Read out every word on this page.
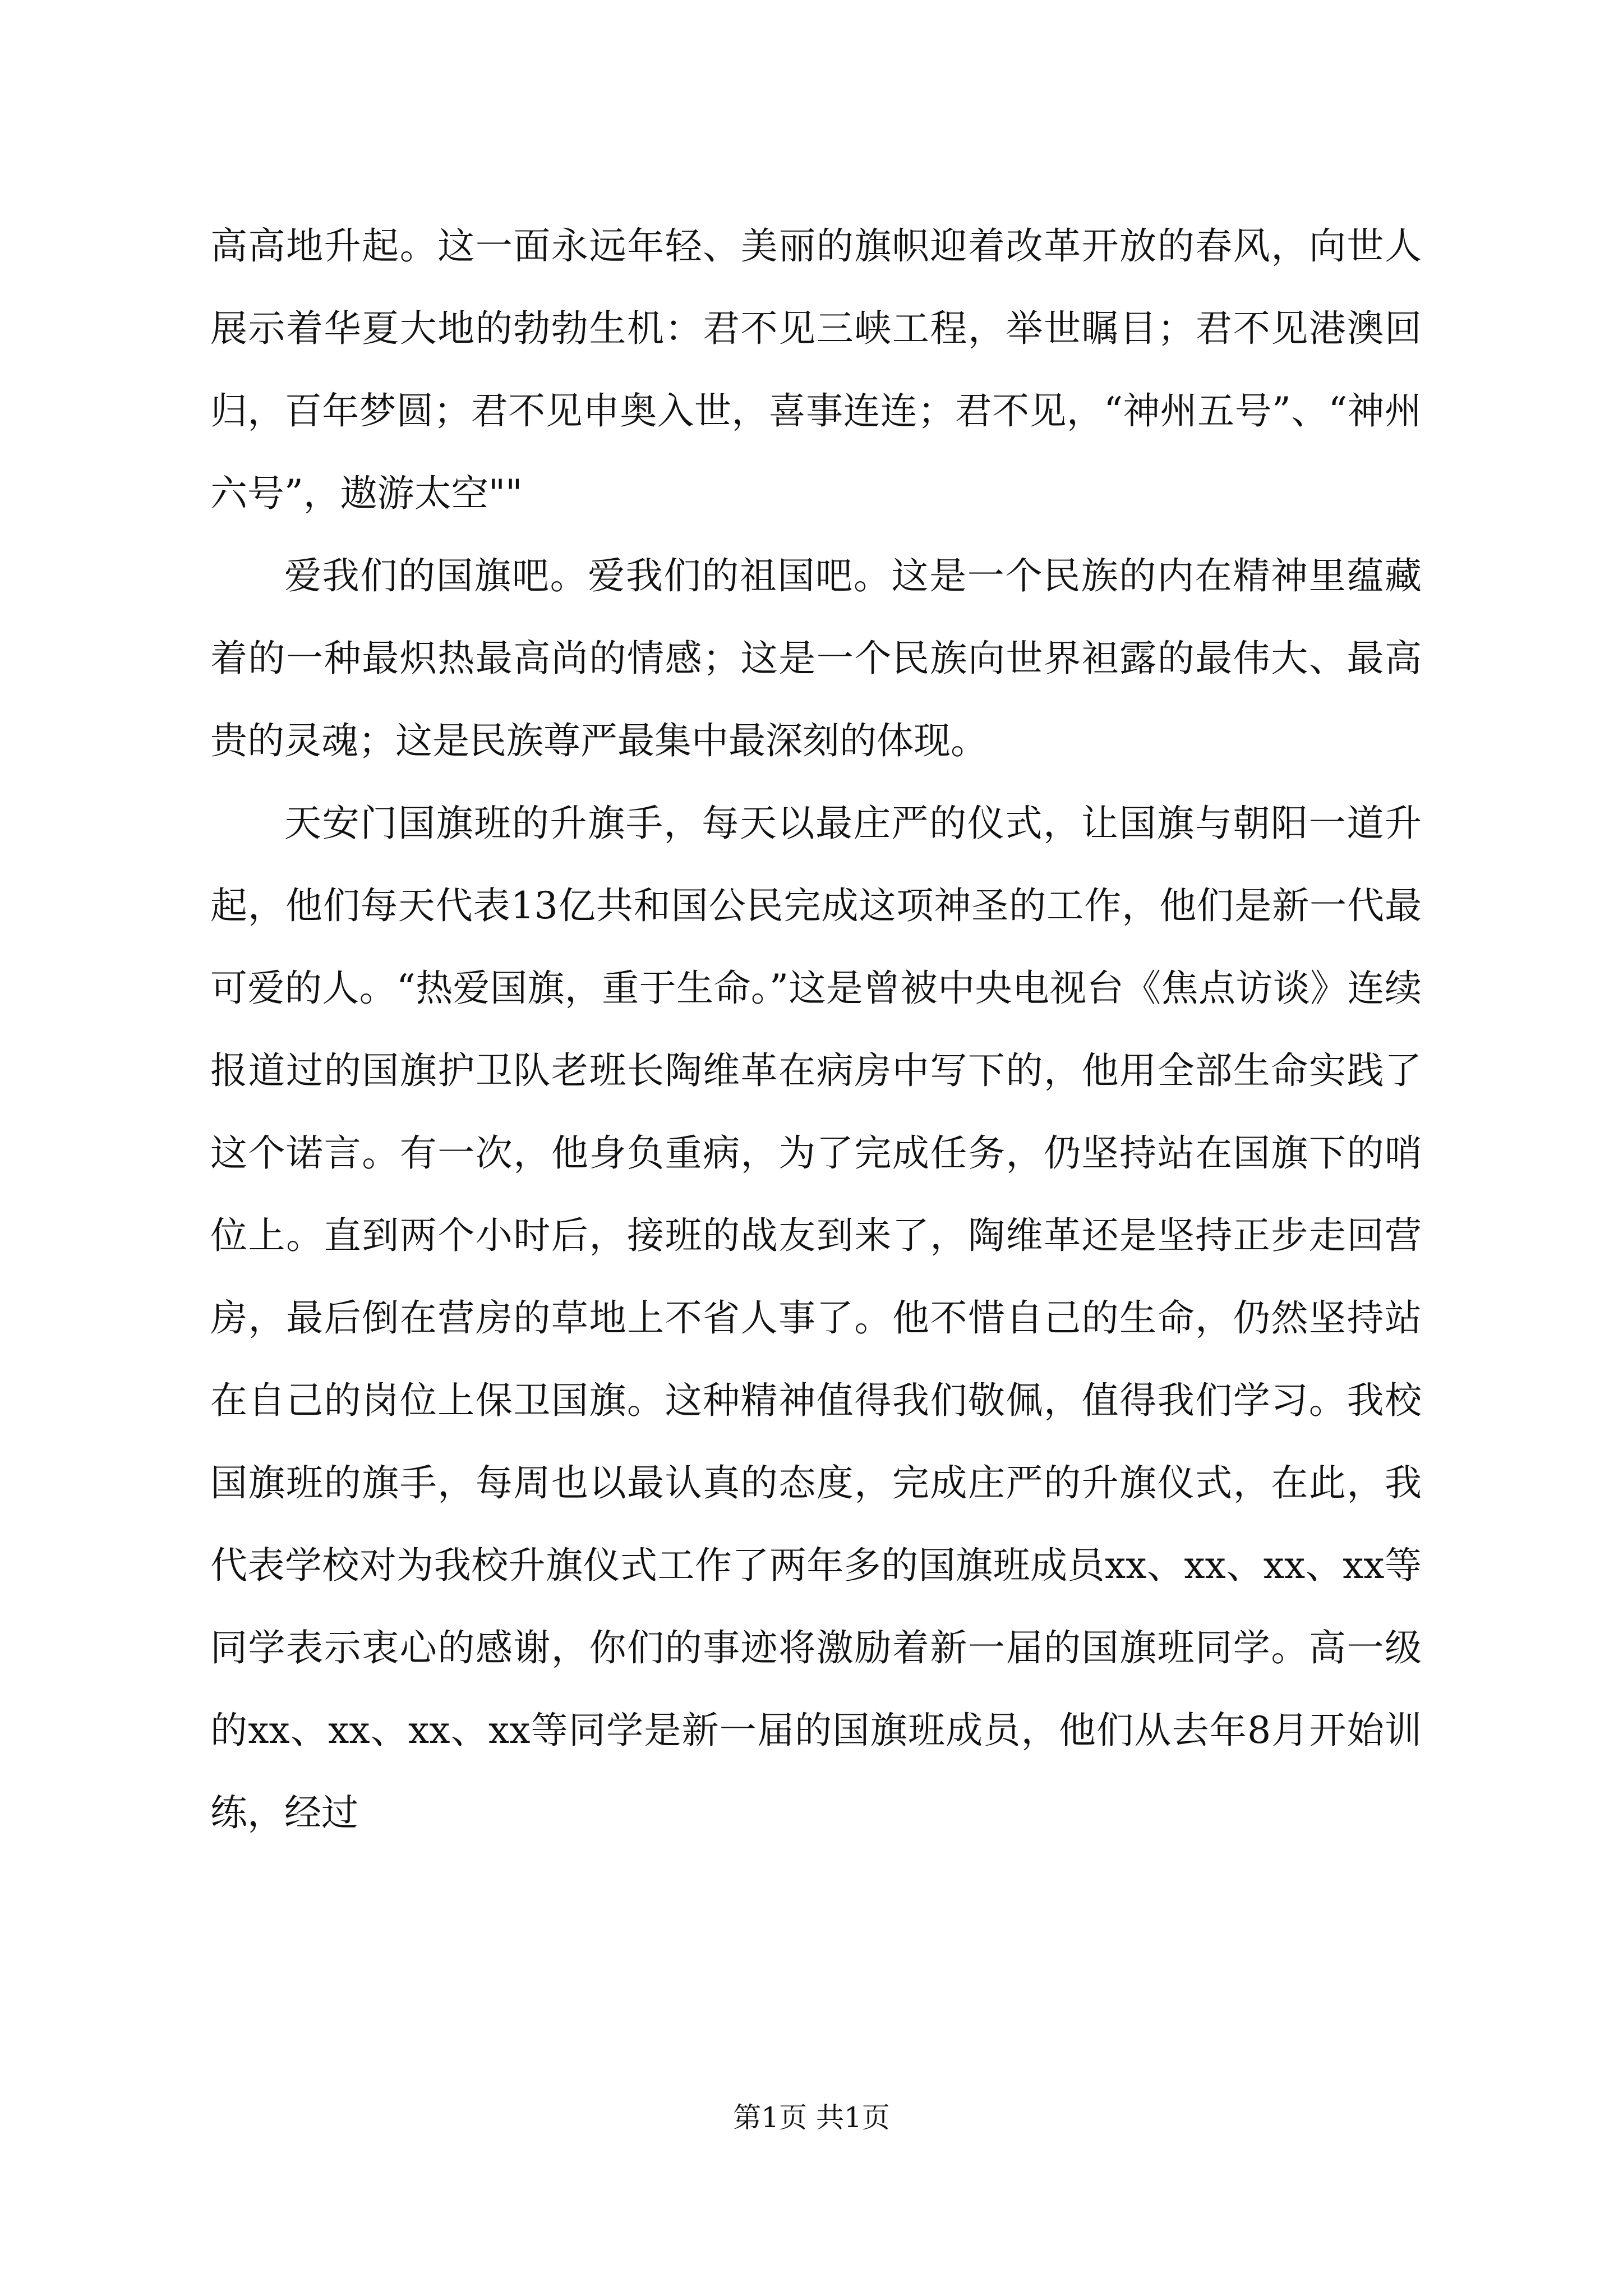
高高地升起。这一面永远年轻、美丽的旗帜迎着改革开放的春风，向世人展示着华夏大地的勃勃生机：君不见三峡工程，举世瞩目；君不见港澳回归，百年梦圆；君不见申奥入世，喜事连连；君不见，“神州五号”、“神州六号”，遨游太空""

爱我们的国旗吧。爱我们的祖国吧。这是一个民族的内在精神里蕴藏着的一种最炽热最高尚的情感；这是一个民族向世界袒露的最伟大、最高贵的灵魂；这是民族尊严最集中最深刻的体现。

天安门国旗班的升旗手，每天以最庄严的仪式，让国旗与朝阳一道升起，他们每天代表13亿共和国公民完成这项神圣的工作，他们是新一代最可爱的人。“热爱国旗，重于生命。”这是曾被中央电视台《焦点访谈》连续报道过的国旗护卫队老班长陶维革在病房中写下的，他用全部生命实践了这个诺言。有一次，他身负重病，为了完成任务，仍坚持站在国旗下的哨位上。直到两个小时后，接班的战友到来了，陶维革还是坚持正步走回营房，最后倒在营房的草地上不省人事了。他不惜自己的生命，仍然坚持站在自己的岗位上保卫国旗。这种精神值得我们敬佩，值得我们学习。我校国旗班的旗手，每周也以最认真的态度，完成庄严的升旗仪式，在此，我代表学校对为我校升旗仪式工作了两年多的国旗班成员xx、xx、xx、xx等同学表示衷心的感谢，你们的事迹将激励着新一届的国旗班同学。高一级的xx、xx、xx、xx等同学是新一届的国旗班成员，他们从去年8月开始训练，经过

第1页 共1页
